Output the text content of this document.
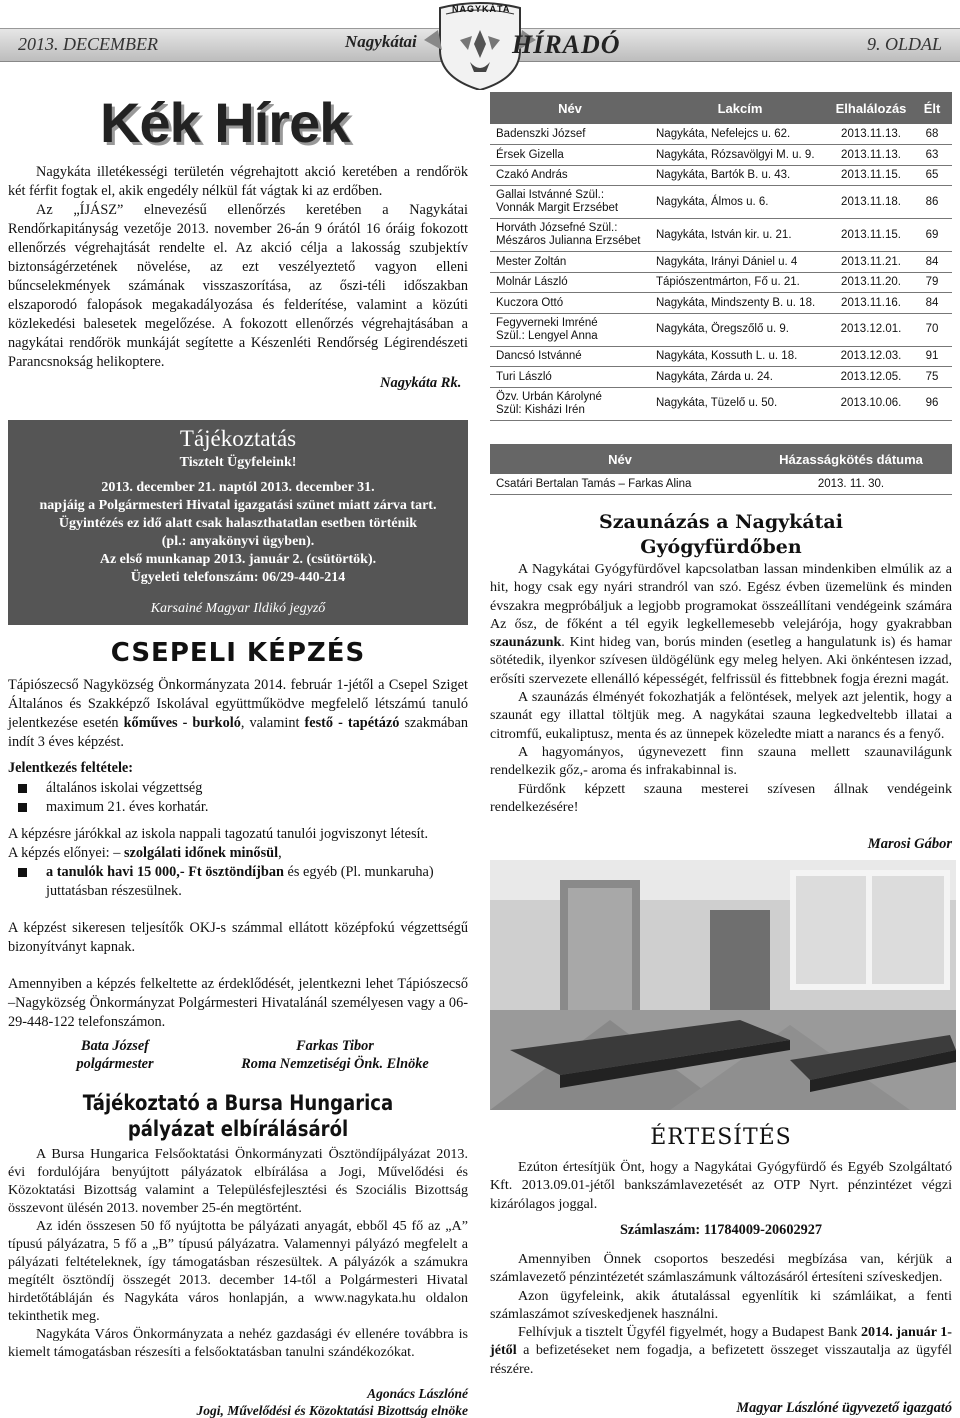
2013. DECEMBER	Nagykátai
NAGYKÁTA
HÍRADÓ	9. OLDAL
Kék Hírek

Nagykáta illetékességi területén végrehajtott akció keretében a rendőrök két férfit fogtak el, akik engedély nélkül fát vágtak ki az erdőben.

Az „ÍJÁSZ” elnevezésű ellenőrzés keretében a Nagykátai Rendőrkapitányság vezetője 2013. november 26-án 9 órától 16 óráig fokozott ellenőrzés végrehajtását rendelte el. Az akció célja a lakosság szubjektív biztonságérzetének növelése, az ezt veszélyeztető vagyon elleni bűncselekmények számának visszaszorítása, az őszi-téli időszakban elszaporodó falopások megakadályozása és felderítése, valamint a közúti közlekedési balesetek megelőzése. A fokozott ellenőrzés végrehajtásában a nagykátai rendőrök munkáját segítette a Készenléti Rendőrség Légirendészeti Parancsnokság helikoptere.

Nagykáta Rk.
Tájékoztatás
Tisztelt Ügyfeleink!
2013. december 21. naptól 2013. december 31.
napjáig a Polgármesteri Hivatal igazgatási szünet miatt zárva tart.
Ügyintézés ez idő alatt csak halaszthatatlan esetben történik
(pl.: anyakönyvi ügyben).
Az első munkanap 2013. január 2. (csütörtök).
Ügyeleti telefonszám: 06/29-440-214
Karsainé Magyar Ildikó jegyző
CSEPELI KÉPZÉS
Tápiószecső Nagyközség Önkormányzata 2014. február 1-jétől a Csepel Sziget Általános és Szakképző Iskolával együttműködve megfelelő létszámú tanuló jelentkezése esetén kőműves - burkoló, valamint festő - tapétázó szakmában indít 3 éves képzést.
Jelentkezés feltétele:
általános iskolai végzettség
maximum 21. éves korhatár.

A képzésre járókkal az iskola nappali tagozatú tanulói jogviszonyt létesít.

A képzés előnyei: – szolgálati időnek minősül,

a tanulók havi 15 000,- Ft ösztöndíjban és egyéb (Pl. munkaruha) juttatásban részesülnek.
A képzést sikeresen teljesítők OKJ-s számmal ellátott középfokú végzettségű bizonyítványt kapnak.
Amennyiben a képzés felkeltette az érdeklődését, jelentkezni lehet Tápiószecső –Nagyközség Önkormányzat Polgármesteri Hivatalánál személyesen vagy a 06-29-448-122 telefonszámon.
Bata József
polgármester
Farkas Tibor
Roma Nemzetiségi Önk. Elnöke
Tájékoztató a Bursa Hungarica
pályázat elbírálásáról

A Bursa Hungarica Felsőoktatási Önkormányzati Ösztöndíjpályázat 2013. évi fordulójára benyújtott pályázatok elbírálása a Jogi, Művelődési és Közoktatási Bizottság valamint a Településfejlesztési és Szociális Bizottság összevont ülésén 2013. november 25-én megtörtént.

Az idén összesen 50 fő nyújtotta be pályázati anyagát, ebből 45 fő az „A” típusú pályázatra, 5 fő a „B” típusú pályázatra. Valamennyi pályázó megfelelt a pályázati feltételeknek, így támogatásban részesültek. A pályázók a számukra megítélt ösztöndíj összegét 2013. december 14-től a Polgármesteri Hivatal hirdetőtábláján és Nagykáta város honlapján, a www.nagykata.hu oldalon tekinthetik meg.

Nagykáta Város Önkormányzata a nehéz gazdasági év ellenére továbbra is kiemelt támogatásban részesíti a felsőoktatásban tanulni szándékozókat.

Agonács Lászlóné
Jogi, Művelődési és Közoktatási Bizottság elnöke
Név	Lakcím	Elhalálozás	Élt
Badenszki József	Nagykáta, Nefelejcs u. 62.	2013.11.13.	68
Érsek Gizella	Nagykáta, Rózsavölgyi M. u. 9.	2013.11.13.	63
Czakó András	Nagykáta, Bartók B. u. 43.	2013.11.15.	65

Gallai Istvánné Szül.:
Vonnák Margit Erzsébet	Nagykáta, Álmos u. 6.	2013.11.18.	86

Horváth Józsefné Szül.:
Mészáros Julianna Erzsébet	Nagykáta, István kir. u. 21.	2013.11.15.	69
Mester Zoltán	Nagykáta, Irányi Dániel u. 4	2013.11.21.	84
Molnár László	Tápiószentmárton, Fő u. 21.	2013.11.20.	79
Kuczora Ottó	Nagykáta, Mindszenty B. u. 18.	2013.11.16.	84

Fegyverneki Imréné
Szül.: Lengyel Anna	Nagykáta, Öregszőlő u. 9.	2013.12.01.	70
Dancsó Istvánné	Nagykáta, Kossuth L. u. 18.	2013.12.03.	91
Turi László	Nagykáta, Zárda u. 24.	2013.12.05.	75

Özv. Urbán Károlyné
Szül: Kisházi Irén	Nagykáta, Tüzelő u. 50.	2013.10.06.	96
Név	Házasságkötés dátuma
Csatári Bertalan Tamás – Farkas Alina	2013. 11. 30.
Szaunázás a Nagykátai
Gyógyfürdőben

A Nagykátai Gyógyfürdővel kapcsolatban lassan mindenkiben elmúlik az a hit, hogy csak egy nyári strandról van szó. Egész évben üzemelünk és minden évszakra megpróbáljuk a legjobb programokat összeállítani vendégeink számára Az ősz, de főként a tél egyik legkellemesebb velejárója, hogy gyakrabban szaunázunk. Kint hideg van, borús minden (esetleg a hangulatunk is) és hamar sötétedik, ilyenkor szívesen üldögélünk egy meleg helyen. Aki önkéntesen izzad, erősíti szervezete ellenálló képességét, felfrissül és fittebbnek fogja érezni magát.

A szaunázás élményét fokozhatják a felöntések, melyek azt jelentik, hogy a szaunát egy illattal töltjük meg. A nagykátai szauna legkedveltebb illatai a citromfű, eukaliptusz, menta és az ünnepek közeledte miatt a narancs és a fenyő.

A hagyományos, úgynevezett finn szauna mellett szaunavilágunk rendelkezik gőz,- aroma és infrakabinnal is.

Fürdőnk képzett szauna mesterei szívesen állnak vendégeink rendelkezésére!

Marosi Gábor
ÉRTESÍTÉS
Ezúton értesítjük Önt, hogy a Nagykátai Gyógyfürdő és Egyéb Szolgáltató Kft. 2013.09.01-jétől bankszámlavezetését az OTP Nyrt. pénzintézet végzi kizárólagos joggal.
Számlaszám: 11784009-20602927

Amennyiben Önnek csoportos beszedési megbízása van, kérjük a számlavezető pénzintézetét számlaszámunk változásáról értesíteni szíveskedjen.

Azon ügyfeleink, akik átutalással egyenlítik ki számláikat, a fenti számlaszámot szíveskedjenek használni.

Felhívjuk a tisztelt Ügyfél figyelmét, hogy a Budapest Bank 2014. január 1-jétől a befizetéseket nem fogadja, a befizetett összeget visszautalja az ügyfél részére.

Magyar Lászlóné ügyvezető igazgató
